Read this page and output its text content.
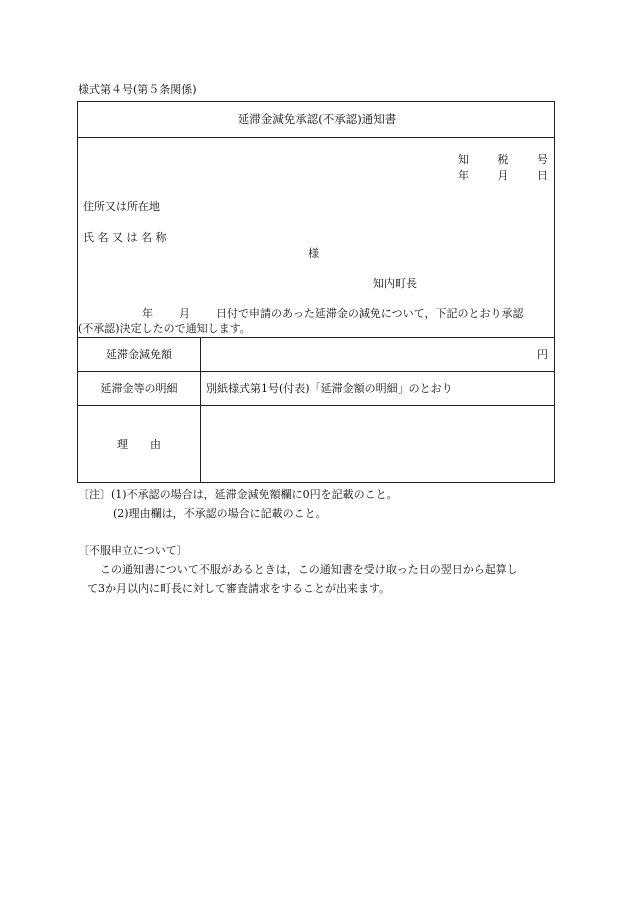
様式第４号(第５条関係)
延滞金減免承認(不承認)通知書
知	税	号
年	月	日
住所又は所在地
氏 名 又 は 名 称
様
知内町長
年 月 日付で申請のあった延滞金の減免について，下記のとおり承認
(不承認)決定したので通知します。
延滞金減免額	円
延滞金等の明細	別紙様式第1号(付表)「延滞金額の明細」のとおり
理　　由
〔注〕(1)不承認の場合は，延滞金減免額欄に0円を記載のこと。
(2)理由欄は，不承認の場合に記載のこと。
〔不服申立について〕
この通知書について不服があるときは，この通知書を受け取った日の翌日から起算し
て3か月以内に町長に対して審査請求をすることが出来ます。
